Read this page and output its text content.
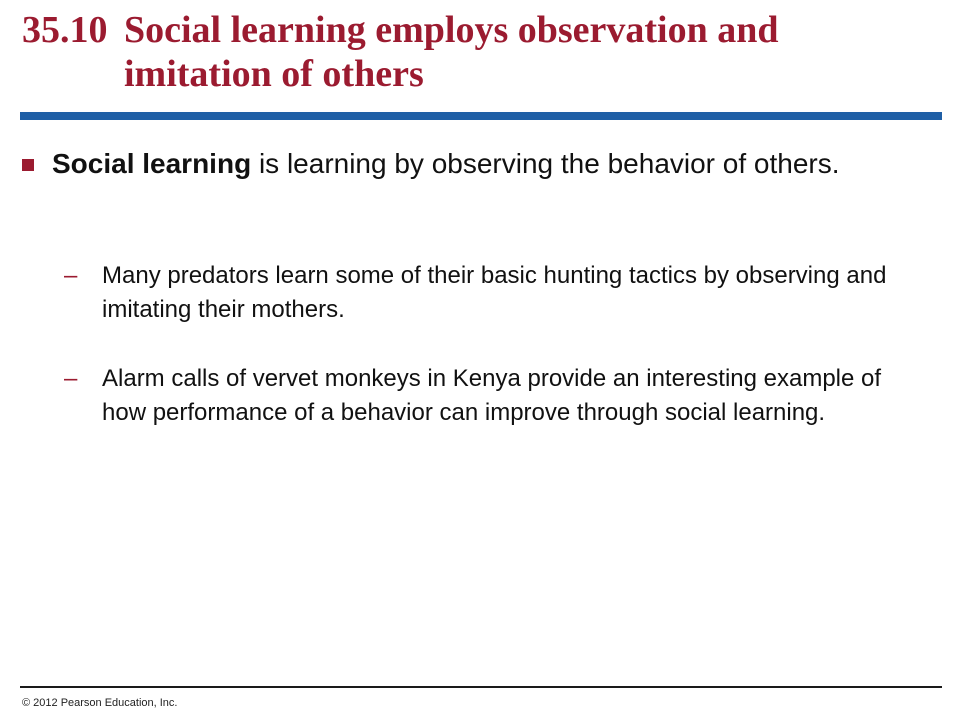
35.10 Social learning employs observation and
imitation of others
Social learning is learning by observing the behavior of others.
–	Many predators learn some of their basic hunting tactics by observing and imitating their mothers.
–	Alarm calls of vervet monkeys in Kenya provide an interesting example of how performance of a behavior can improve through social learning.
© 2012 Pearson Education, Inc.
